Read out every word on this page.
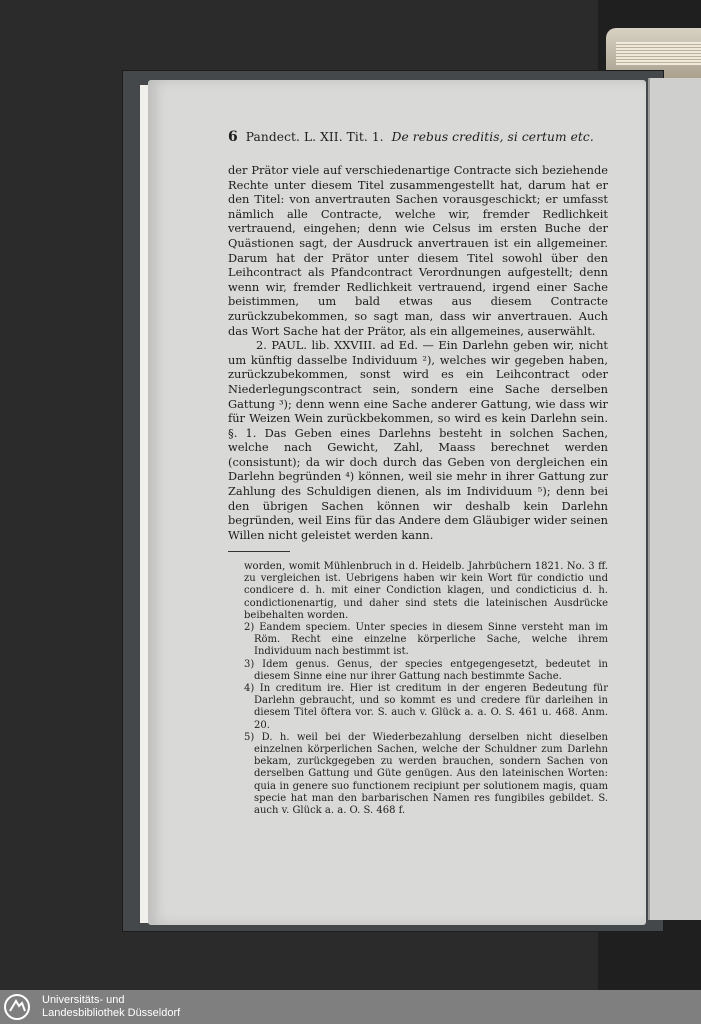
6 Pandect. L. XII. Tit. 1. De rebus creditis, si certum etc.

der Prätor viele auf verschiedenartige Contracte sich beziehende Rechte unter diesem Titel zusammengestellt hat, darum hat er den Titel: von anvertrauten Sachen vorausgeschickt; er umfasst nämlich alle Contracte, welche wir, fremder Redlichkeit vertrauend, eingehen; denn wie Celsus im ersten Buche der Quästionen sagt, der Ausdruck anvertrauen ist ein allgemeiner. Darum hat der Prätor unter diesem Titel sowohl über den Leihcontract als Pfandcontract Verordnungen aufgestellt; denn wenn wir, fremder Redlichkeit vertrauend, irgend einer Sache beistimmen, um bald etwas aus diesem Contracte zurückzubekommen, so sagt man, dass wir anvertrauen. Auch das Wort Sache hat der Prätor, als ein allgemeines, auserwählt.

2. PAUL. lib. XXVIII. ad Ed. — Ein Darlehn geben wir, nicht um künftig dasselbe Individuum ²), welches wir gegeben haben, zurückzubekommen, sonst wird es ein Leihcontract oder Niederlegungscontract sein, sondern eine Sache derselben Gattung ³); denn wenn eine Sache anderer Gattung, wie dass wir für Weizen Wein zurückbekommen, so wird es kein Darlehn sein. §. 1. Das Geben eines Darlehns besteht in solchen Sachen, welche nach Gewicht, Zahl, Maass berechnet werden (consistunt); da wir doch durch das Geben von dergleichen ein Darlehn begründen ⁴) können, weil sie mehr in ihrer Gattung zur Zahlung des Schuldigen dienen, als im Individuum ⁵); denn bei den übrigen Sachen können wir deshalb kein Darlehn begründen, weil Eins für das Andere dem Gläubiger wider seinen Willen nicht geleistet werden kann.

worden, womit Mühlenbruch in d. Heidelb. Jahrbüchern 1821. No. 3 ff. zu vergleichen ist. Uebrigens haben wir kein Wort für condictio und condicere d. h. mit einer Condiction klagen, und condicticius d. h. condictionenartig, und daher sind stets die lateinischen Ausdrücke beibehalten worden.

2) Eandem speciem. Unter species in diesem Sinne versteht man im Röm. Recht eine einzelne körperliche Sache, welche ihrem Individuum nach bestimmt ist.

3) Idem genus. Genus, der species entgegengesetzt, bedeutet in diesem Sinne eine nur ihrer Gattung nach bestimmte Sache.

4) In creditum ire. Hier ist creditum in der engeren Bedeutung für Darlehn gebraucht, und so kommt es und credere für darleihen in diesem Titel öftera vor. S. auch v. Glück a. a. O. S. 461 u. 468. Anm. 20.

5) D. h. weil bei der Wiederbezahlung derselben nicht dieselben einzelnen körperlichen Sachen, welche der Schuldner zum Darlehn bekam, zurückgegeben zu werden brauchen, sondern Sachen von derselben Gattung und Güte genügen. Aus den lateinischen Worten: quia in genere suo functionem recipiunt per solutionem magis, quam specie hat man den barbarischen Namen res fungibiles gebildet. S. auch v. Glück a. a. O. S. 468 f.

Universitäts- und
Landesbibliothek Düsseldorf
